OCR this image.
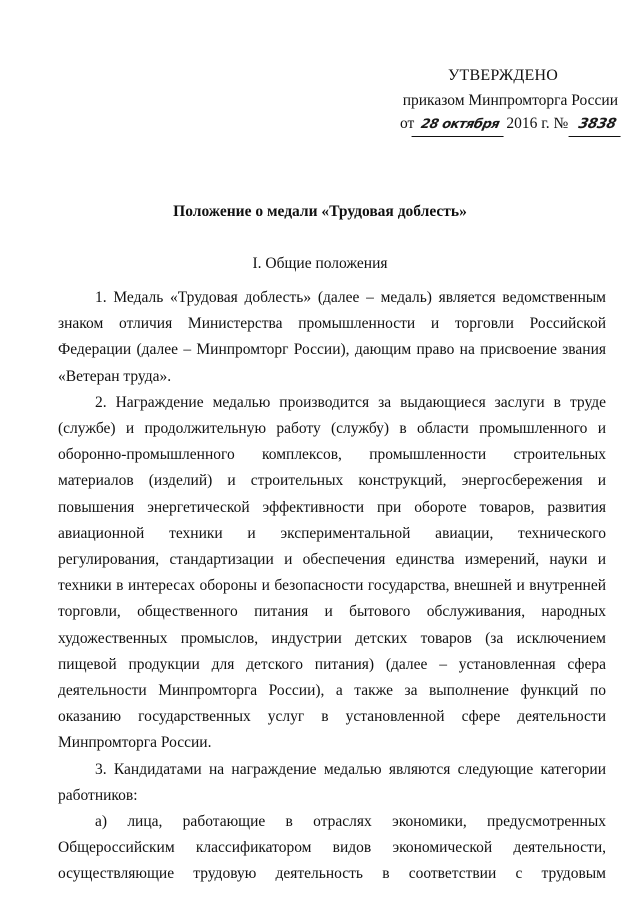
УТВЕРЖДЕНО
приказом Минпромторга России
от 28 октября 2016 г. № 3838
Положение о медали «Трудовая доблесть»
I. Общие положения

1. Медаль «Трудовая доблесть» (далее – медаль) является ведомственным знаком отличия Министерства промышленности и торговли Российской Федерации (далее – Минпромторг России), дающим право на присвоение звания «Ветеран труда».

2. Награждение медалью производится за выдающиеся заслуги в труде (службе) и продолжительную работу (службу) в области промышленного и оборонно-промышленного комплексов, промышленности строительных материалов (изделий) и строительных конструкций, энергосбережения и повышения энергетической эффективности при обороте товаров, развития авиационной техники и экспериментальной авиации, технического регулирования, стандартизации и обеспечения единства измерений, науки и техники в интересах обороны и безопасности государства, внешней и внутренней торговли, общественного питания и бытового обслуживания, народных художественных промыслов, индустрии детских товаров (за исключением пищевой продукции для детского питания) (далее – установленная сфера деятельности Минпромторга России), а также за выполнение функций по оказанию государственных услуг в установленной сфере деятельности Минпромторга России.

3. Кандидатами на награждение медалью являются следующие категории работников:

а) лица, работающие в отраслях экономики, предусмотренных Общероссийским классификатором видов экономической деятельности, осуществляющие трудовую деятельность в соответствии с трудовым
